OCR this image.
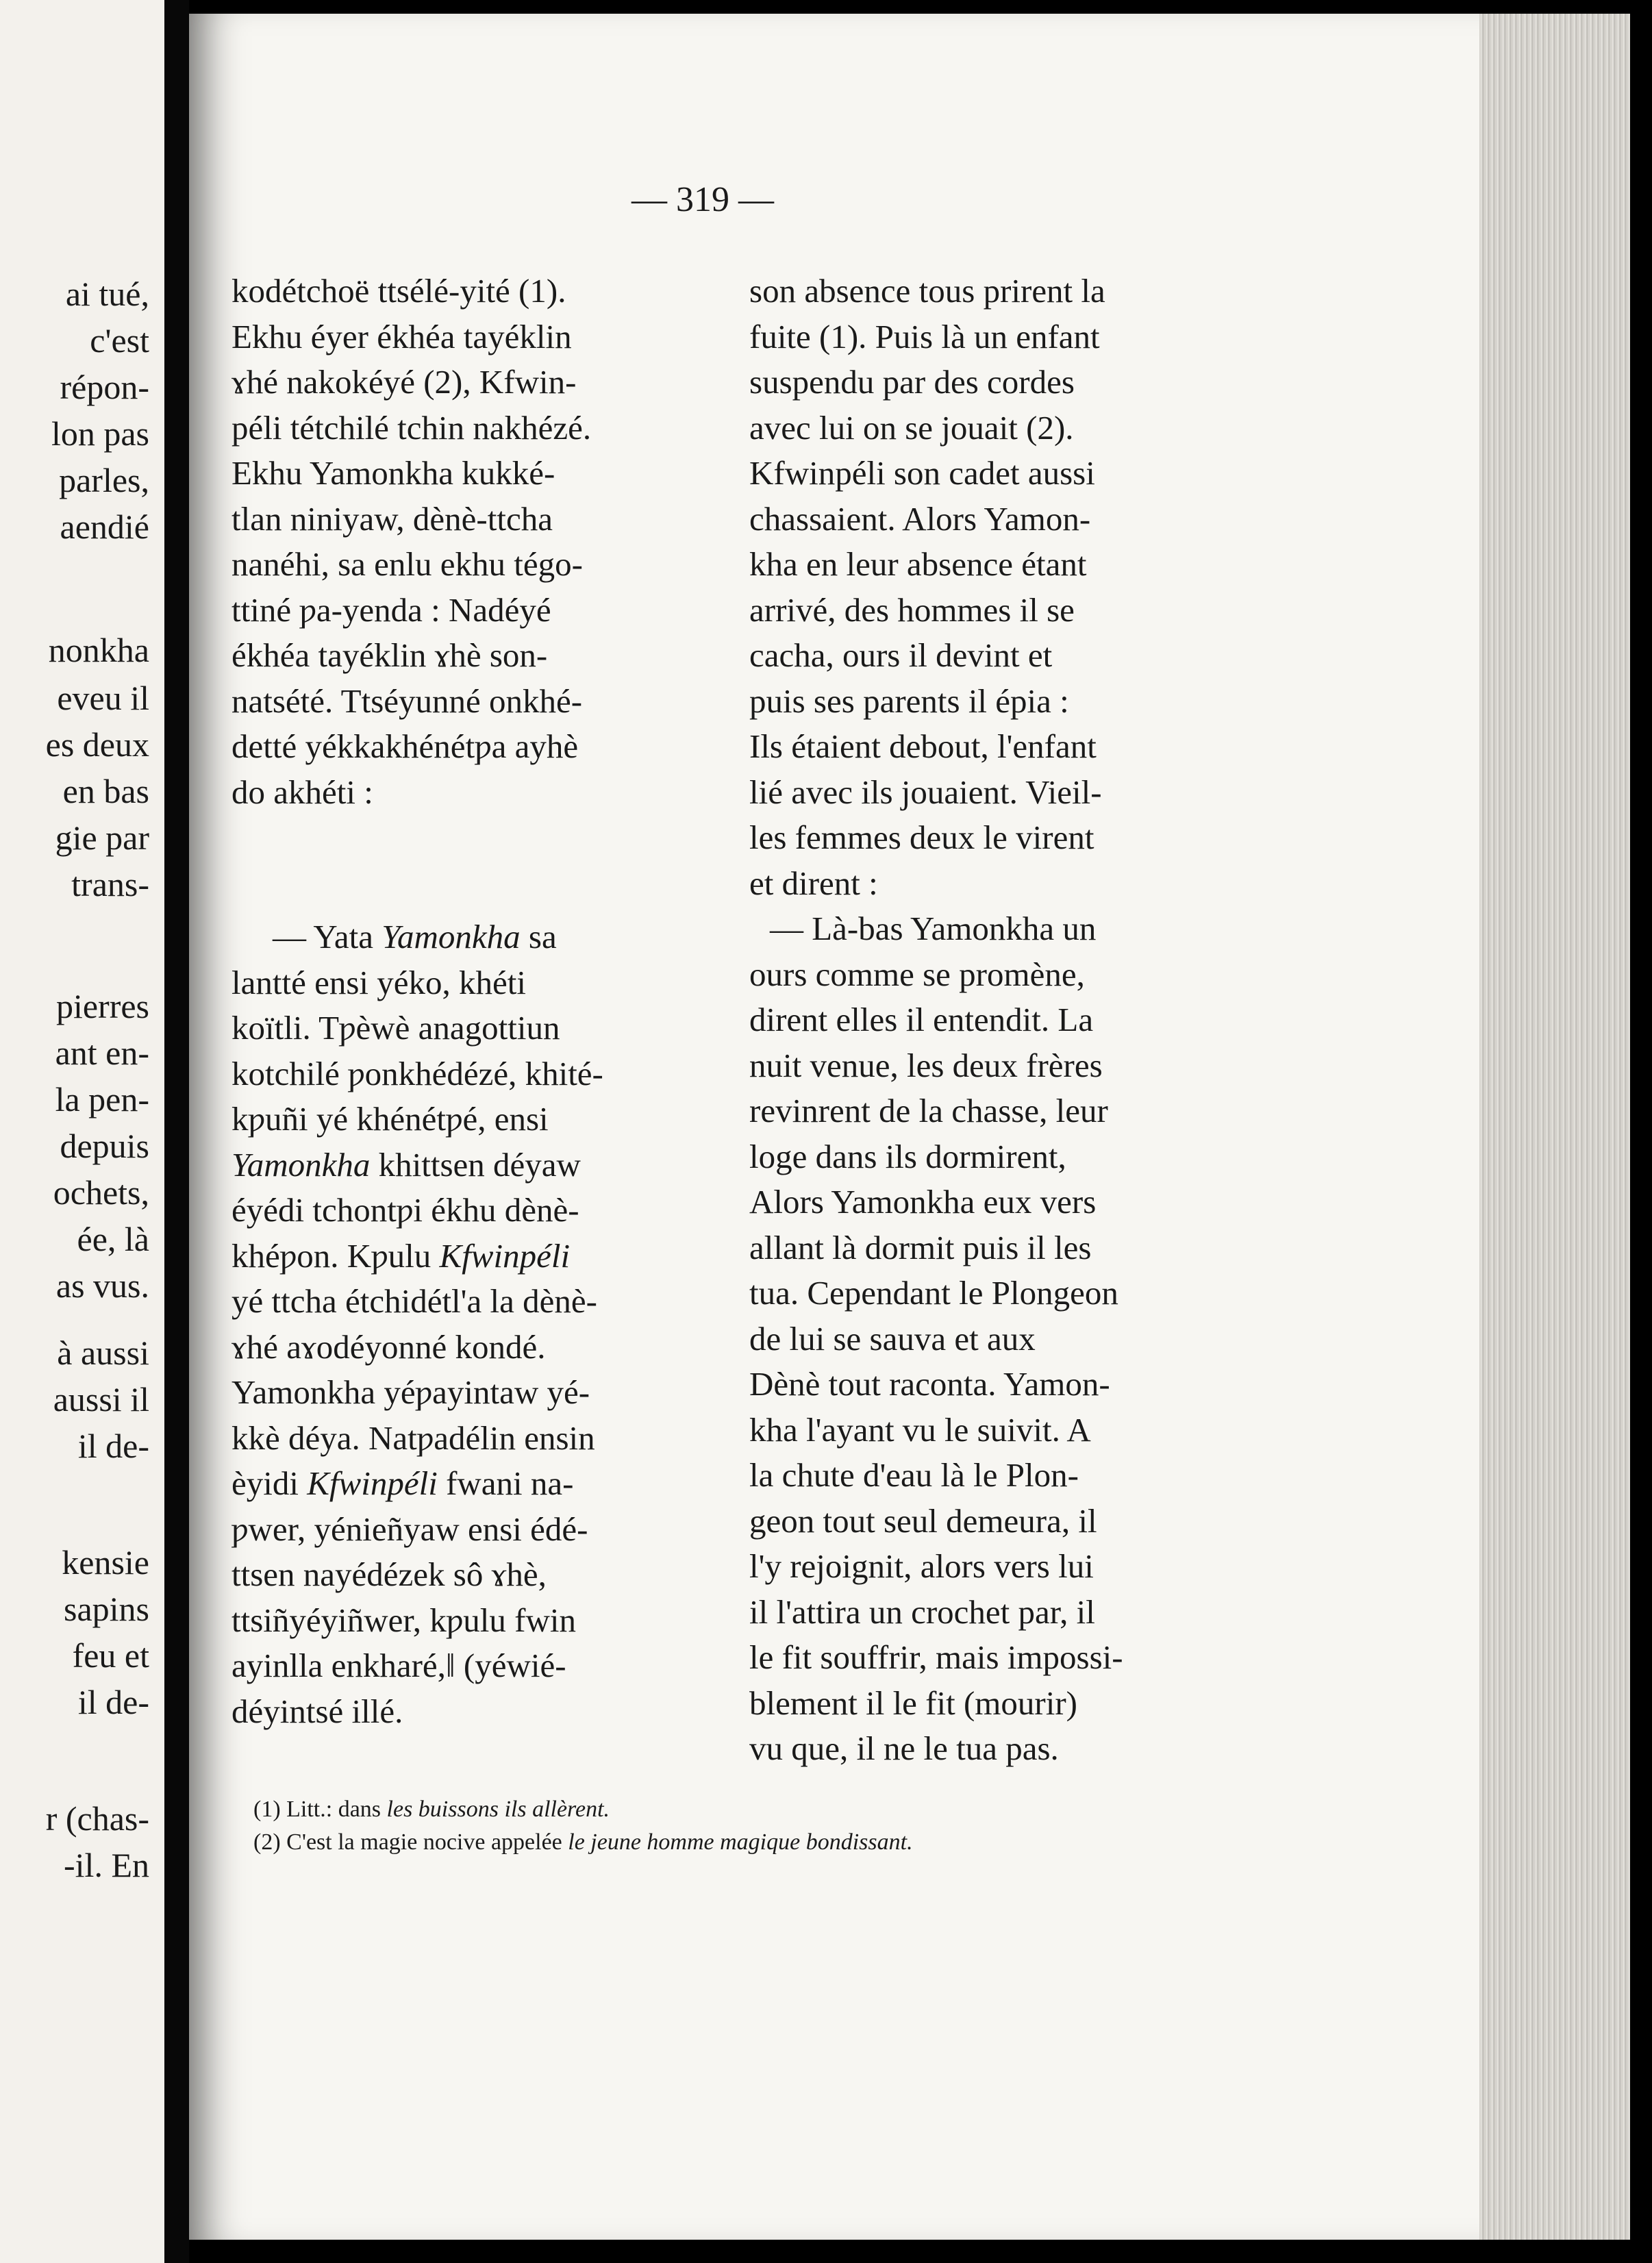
ai tué,
c'est
répon-
lon pas
parles,
aendié
nonkha
eveu il
es deux
en bas
gie par
trans-
pierres
ant en-
la pen-
depuis
ochets,
ée, là
as vus.
à aussi
aussi il
il de-
kensie
sapins
feu et
il de-
r (chas-
-il. En
— 319 —
kodétchoë ttsélé-yité (1).
Ekhu éyer ékhéa tayéklin
ɤhé nakokéyé (2), Kfwin-
péli tétchilé tchin nakhézé.
Ekhu Yamonkha kukké-
tlan niniyaw, dènè-ttcha
nanéhi, sa enlu ekhu tégo-
ttiné ƿa-yenda : Nadéyé
ékhéa tayéklin ɤhè son-
natsété. Ttséyunné onkhé-
detté yékkakhénétƿa ayhè
do akhéti :
— Yata Yamonkha sa
lantté ensi yéko, khéti
koïtli. Tƿèwè anagottiun
kotchilé ƿonkhédézé, khité-
kƿuñi yé khénétƿé, ensi
Yamonkha khittsen déyaw
éyédi tchontƿi ékhu dènè-
khéƿon. Kƿulu Kfwinpéli
yé ttcha étchidétl'a la dènè-
ɤhé aɤodéyonné kondé.
Yamonkha yéƿayintaw yé-
kkè déya. Natƿadélin ensin
èyidi Kfwinpéli fwani na-
ƿwer, yénieñyaw ensi édé-
ttsen nayédézek sô ɤhè,
ttsiñyéyiñwer, kƿulu fwin
ayinlla enkharé,ǁ (yéwié-
déyintsé illé.
son absence tous prirent la
fuite (1). Puis là un enfant
suspendu par des cordes
avec lui on se jouait (2).
Kfwinpéli son cadet aussi
chassaient. Alors Yamon-
kha en leur absence étant
arrivé, des hommes il se
cacha, ours il devint et
puis ses parents il épia :
Ils étaient debout, l'enfant
lié avec ils jouaient. Vieil-
les femmes deux le virent
et dirent :
— Là-bas Yamonkha un
ours comme se promène,
dirent elles il entendit. La
nuit venue, les deux frères
revinrent de la chasse, leur
loge dans ils dormirent,
Alors Yamonkha eux vers
allant là dormit puis il les
tua. Cependant le Plongeon
de lui se sauva et aux
Dènè tout raconta. Yamon-
kha l'ayant vu le suivit. A
la chute d'eau là le Plon-
geon tout seul demeura, il
l'y rejoignit, alors vers lui
il l'attira un crochet par, il
le fit souffrir, mais impossi-
blement il le fit (mourir)
vu que, il ne le tua pas.
(1) Litt.: dans les buissons ils allèrent.
(2) C'est la magie nocive appelée le jeune homme magique bondissant.
